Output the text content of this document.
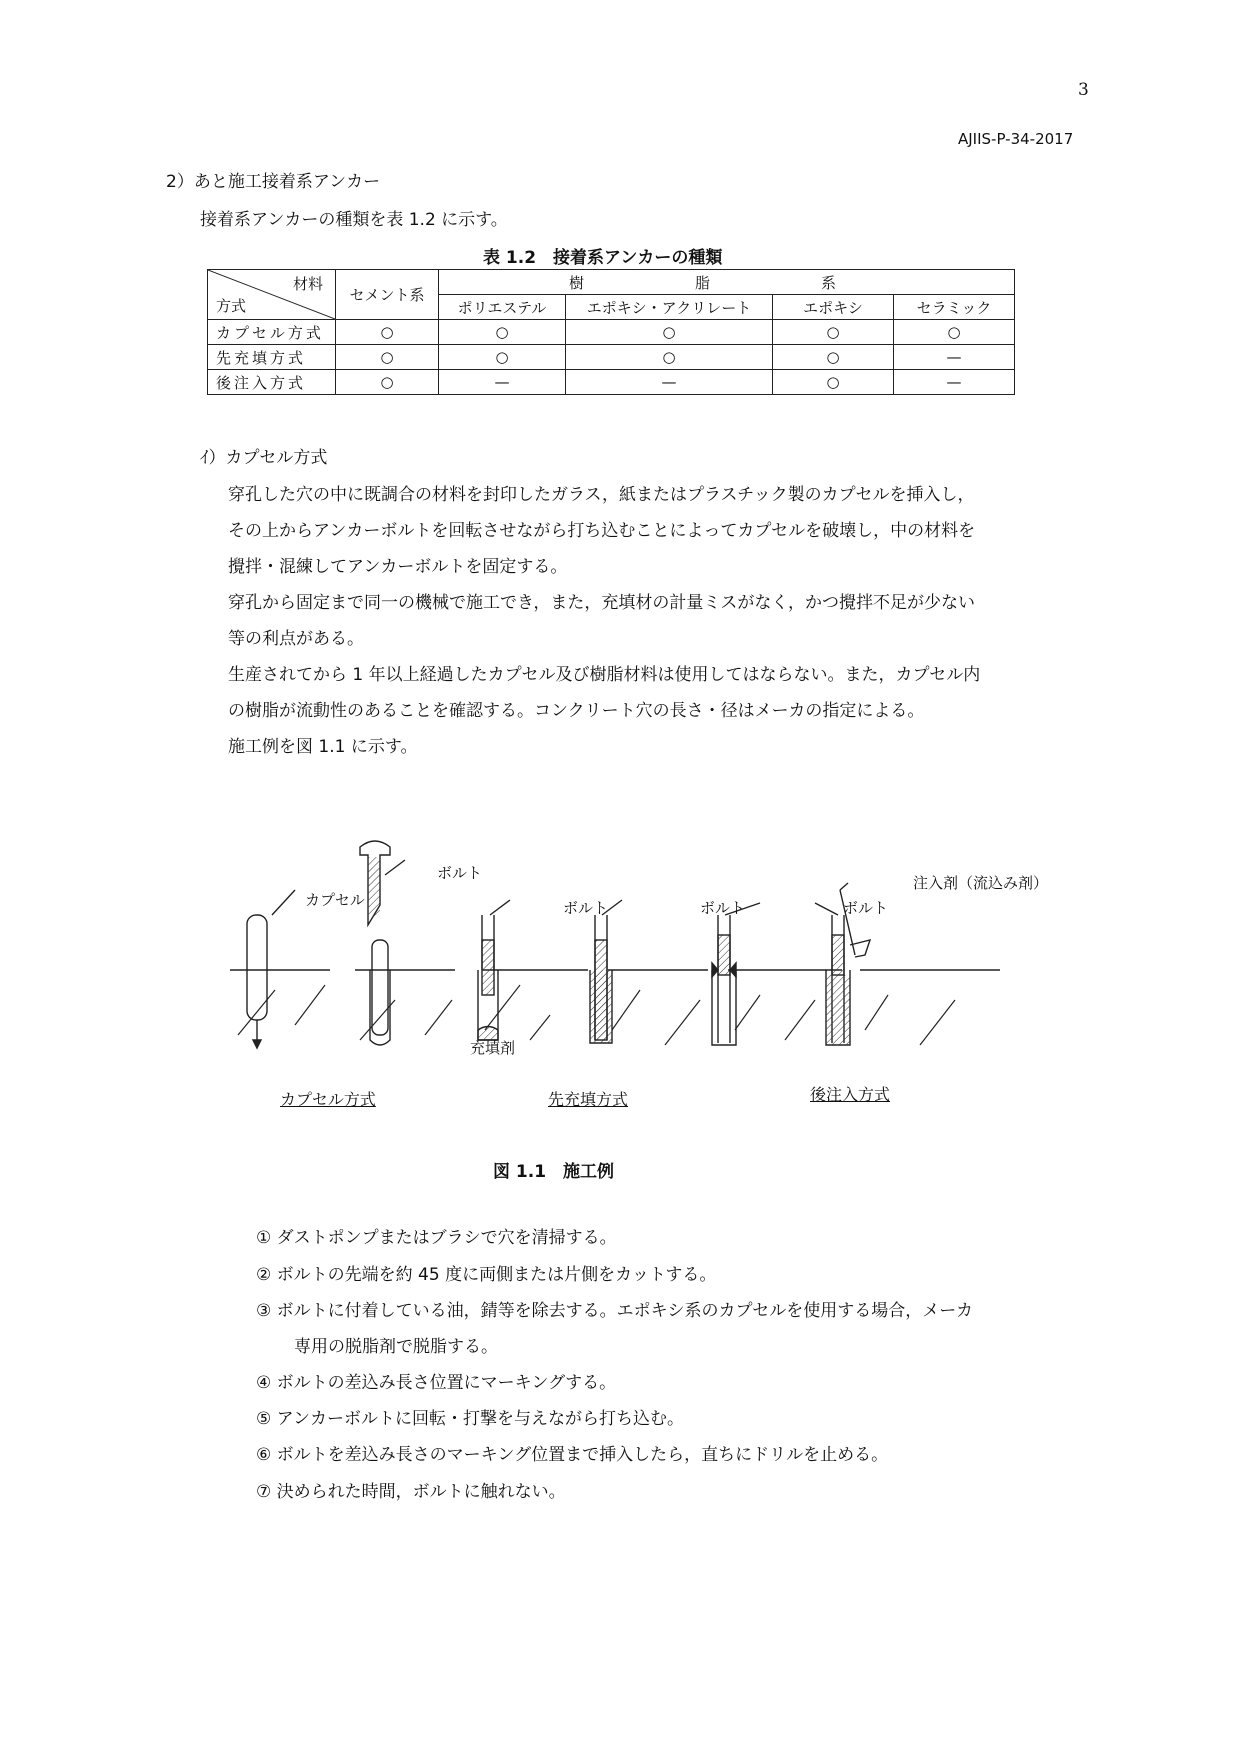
3
AJIIS-P-34-2017
2）あと施工接着系アンカー
接着系アンカーの種類を表 1.2 に示す。
表 1.2　接着系アンカーの種類
材料
方式	セメント系	樹　脂　系			
		ポリエステル	エポキシ・アクリレート	エポキシ	セラミック
カプセル方式	○	○	○	○	○
先充填方式	○	○	○	○	—
後注入方式	○	—	—	○	—
ｲ）カプセル方式
穿孔した穴の中に既調合の材料を封印したガラス，紙またはプラスチック製のカプセルを挿入し，
その上からアンカーボルトを回転させながら打ち込むことによってカプセルを破壊し，中の材料を
攪拌・混練してアンカーボルトを固定する。
穿孔から固定まで同一の機械で施工でき，また，充填材の計量ミスがなく，かつ攪拌不足が少ない
等の利点がある。
生産されてから 1 年以上経過したカプセル及び樹脂材料は使用してはならない。また，カプセル内
の樹脂が流動性のあることを確認する。コンクリート穴の長さ・径はメーカの指定による。
施工例を図 1.1 に示す。
カプセル
ボルト
ボルト	ボルト	ボルト
充填剤
注入剤（流込み剤）
カプセル方式	先充填方式	後注入方式
図 1.1　施工例
① ダストポンプまたはブラシで穴を清掃する。
② ボルトの先端を約 45 度に両側または片側をカットする。
③ ボルトに付着している油，錆等を除去する。エポキシ系のカプセルを使用する場合，メーカ
専用の脱脂剤で脱脂する。
④ ボルトの差込み長さ位置にマーキングする。
⑤ アンカーボルトに回転・打撃を与えながら打ち込む。
⑥ ボルトを差込み長さのマーキング位置まで挿入したら，直ちにドリルを止める。
⑦ 決められた時間，ボルトに触れない。
